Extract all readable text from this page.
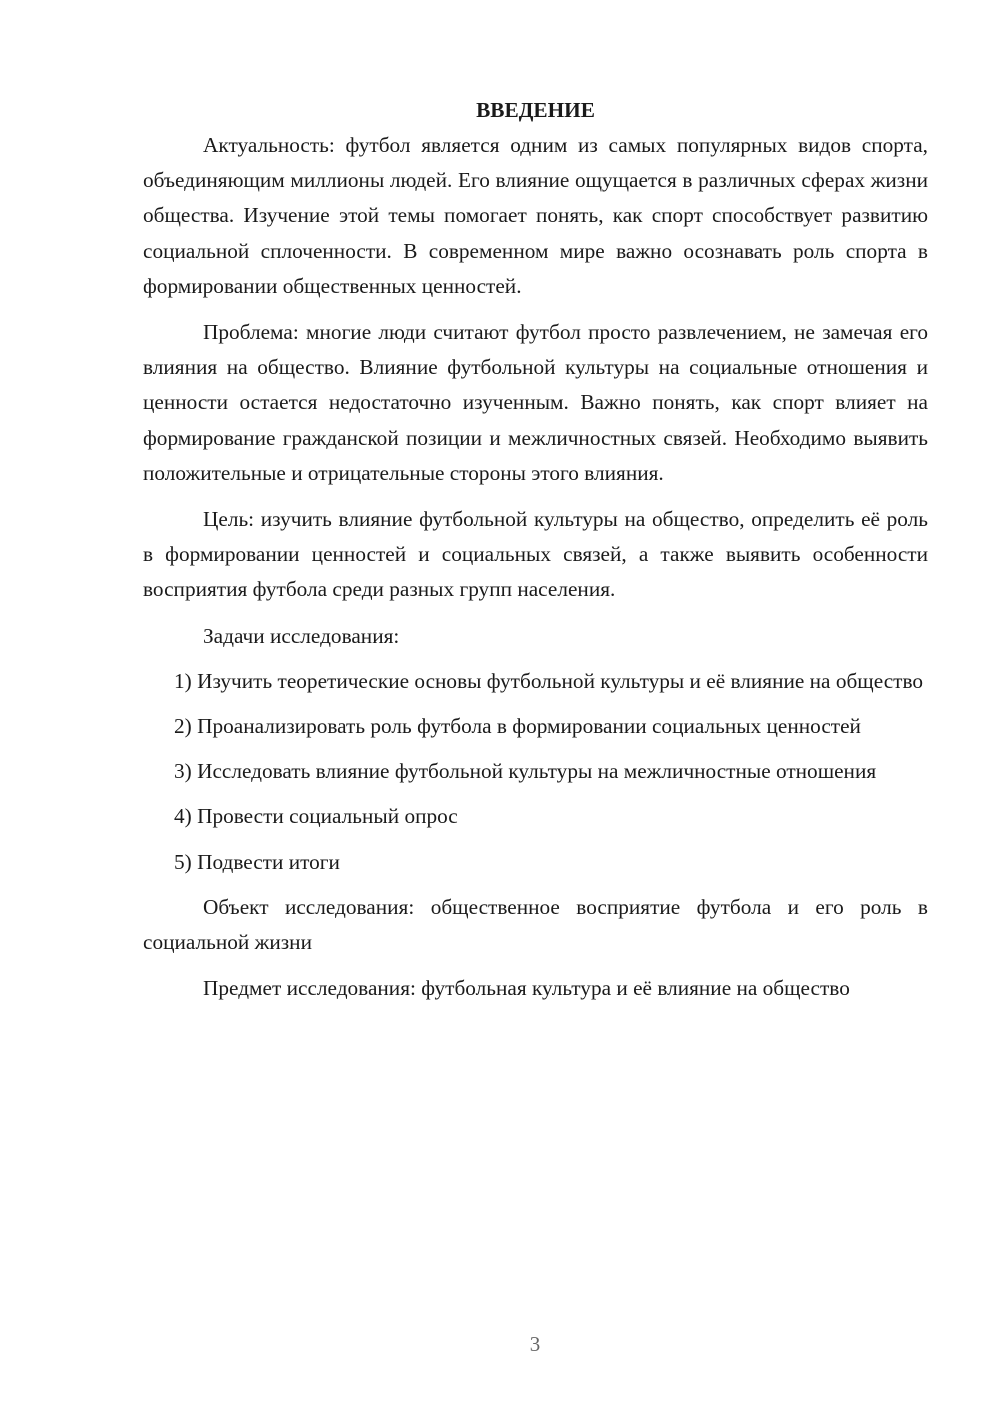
ВВЕДЕНИЕ

Актуальность: футбол является одним из самых популярных видов спорта, объединяющим миллионы людей. Его влияние ощущается в различных сферах жизни общества. Изучение этой темы помогает понять, как спорт способствует развитию социальной сплоченности. В современном мире важно осознавать роль спорта в формировании общественных ценностей.

Проблема: многие люди считают футбол просто развлечением, не замечая его влияния на общество. Влияние футбольной культуры на социальные отношения и ценности остается недостаточно изученным. Важно понять, как спорт влияет на формирование гражданской позиции и межличностных связей. Необходимо выявить положительные и отрицательные стороны этого влияния.

Цель: изучить влияние футбольной культуры на общество, определить её роль в формировании ценностей и социальных связей, а также выявить особенности восприятия футбола среди разных групп населения.

Задачи исследования:

1) Изучить теоретические основы футбольной культуры и её влияние на общество

2) Проанализировать роль футбола в формировании социальных ценностей

3) Исследовать влияние футбольной культуры на межличностные отношения

4) Провести социальный опрос

5) Подвести итоги

Объект исследования: общественное восприятие футбола и его роль в социальной жизни

Предмет исследования: футбольная культура и её влияние на общество

3
